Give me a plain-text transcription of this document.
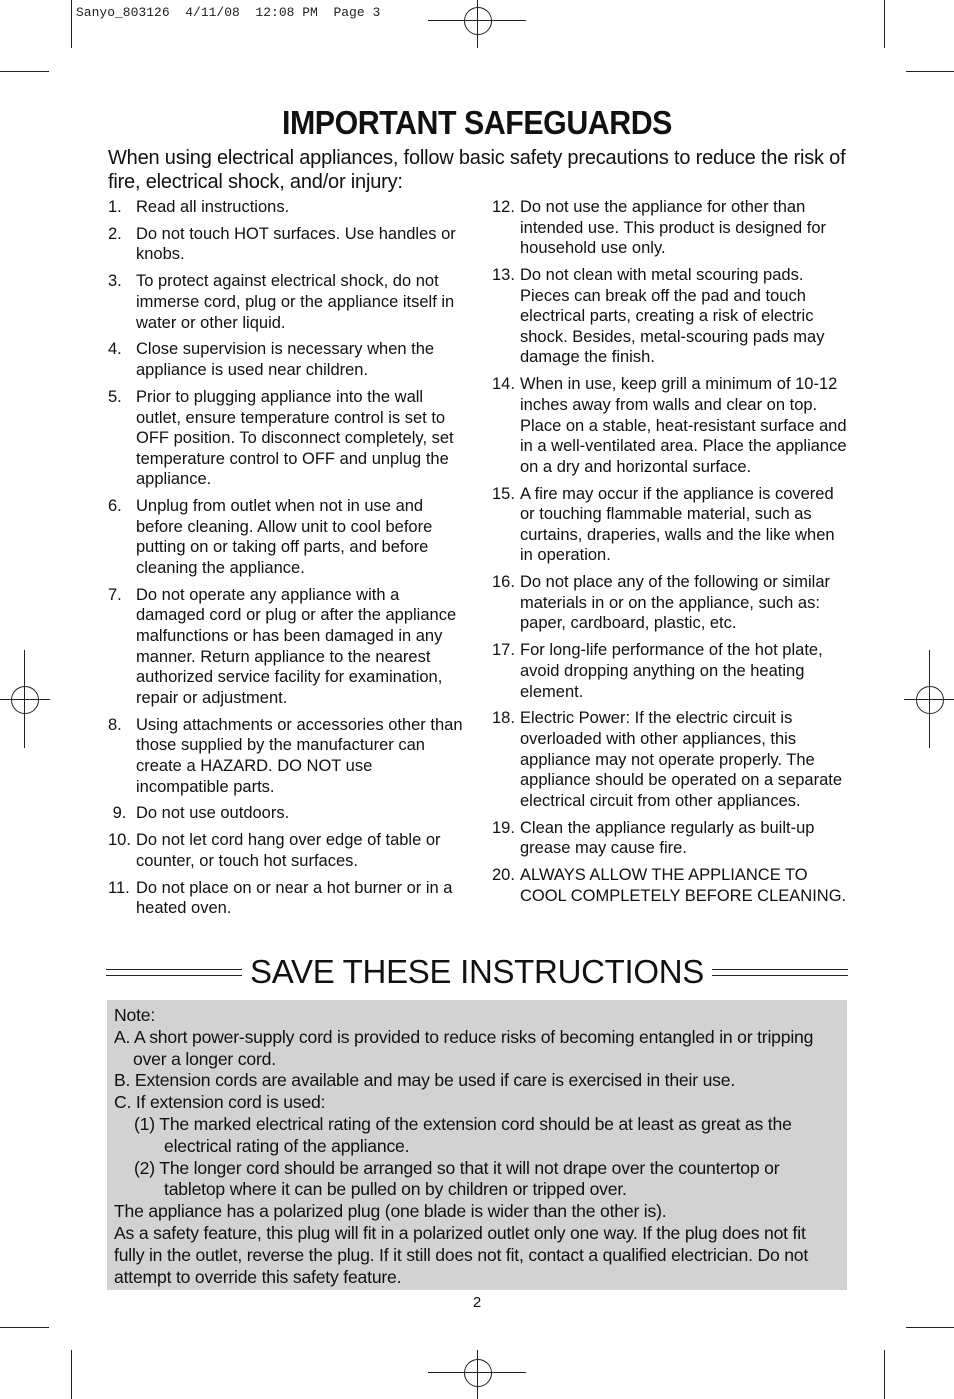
Sanyo_803126  4/11/08  12:08 PM  Page 3
IMPORTANT SAFEGUARDS
When using electrical appliances, follow basic safety precautions to reduce the risk of fire, electrical shock, and/or injury:
1. Read all instructions.
2. Do not touch HOT surfaces. Use handles or knobs.
3. To protect against electrical shock, do not immerse cord, plug or the appliance itself in water or other liquid.
4. Close supervision is necessary when the appliance is used near children.
5. Prior to plugging appliance into the wall outlet, ensure temperature control is set to OFF position. To disconnect completely, set temperature control to OFF and unplug the appliance.
6. Unplug from outlet when not in use and before cleaning. Allow unit to cool before putting on or taking off parts, and before cleaning the appliance.
7. Do not operate any appliance with a damaged cord or plug or after the appliance malfunctions or has been damaged in any manner. Return appliance to the nearest authorized service facility for examination, repair or adjustment.
8. Using attachments or accessories other than those supplied by the manufacturer can create a HAZARD. DO NOT use incompatible parts.
9. Do not use outdoors.
10. Do not let cord hang over edge of table or counter, or touch hot surfaces.
11. Do not place on or near a hot burner or in a heated oven.
12. Do not use the appliance for other than intended use. This product is designed for household use only.
13. Do not clean with metal scouring pads. Pieces can break off the pad and touch electrical parts, creating a risk of electric shock. Besides, metal-scouring pads may damage the finish.
14. When in use, keep grill a minimum of 10-12 inches away from walls and clear on top. Place on a stable, heat-resistant surface and in a well-ventilated area. Place the appliance on a dry and horizontal surface.
15. A fire may occur if the appliance is covered or touching flammable material, such as curtains, draperies, walls and the like when in operation.
16. Do not place any of the following or similar materials in or on the appliance, such as: paper, cardboard, plastic, etc.
17. For long-life performance of the hot plate, avoid dropping anything on the heating element.
18. Electric Power: If the electric circuit is overloaded with other appliances, this appliance may not operate properly. The appliance should be operated on a separate electrical circuit from other appliances.
19. Clean the appliance regularly as built-up grease may cause fire.
20. ALWAYS ALLOW THE APPLIANCE TO COOL COMPLETELY BEFORE CLEANING.
SAVE THESE INSTRUCTIONS
Note:
A. A short power-supply cord is provided to reduce risks of becoming entangled in or tripping over a longer cord.
B. Extension cords are available and may be used if care is exercised in their use.
C. If extension cord is used:
(1) The marked electrical rating of the extension cord should be at least as great as the electrical rating of the appliance.
(2) The longer cord should be arranged so that it will not drape over the countertop or tabletop where it can be pulled on by children or tripped over.
The appliance has a polarized plug (one blade is wider than the other is).
As a safety feature, this plug will fit in a polarized outlet only one way. If the plug does not fit fully in the outlet, reverse the plug. If it still does not fit, contact a qualified electrician. Do not attempt to override this safety feature.
2
